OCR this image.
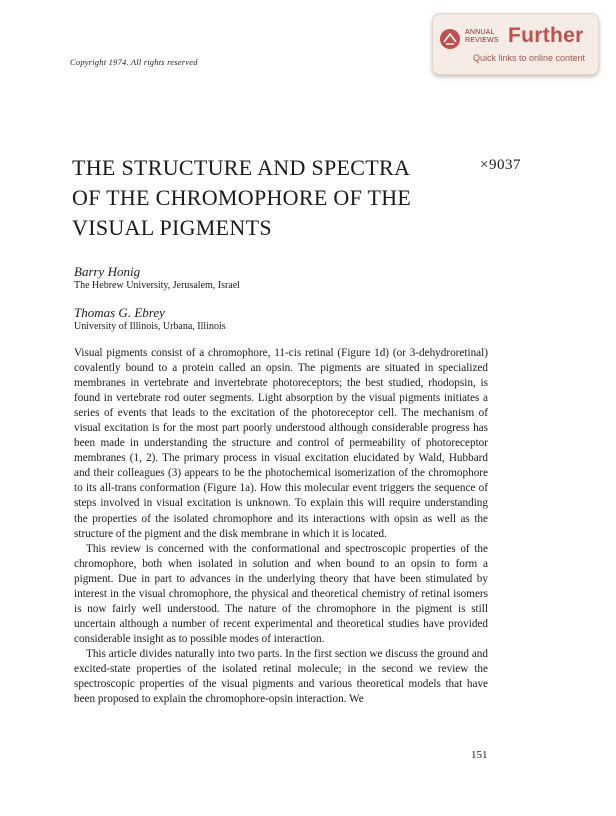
Copyright 1974. All rights reserved
ANNUAL
REVIEWS Further
Quick links to online content
THE STRUCTURE AND SPECTRA
OF THE CHROMOPHORE OF THE
VISUAL PIGMENTS
×9037
Barry Honig
The Hebrew University, Jerusalem, Israel
Thomas G. Ebrey
University of Illinois, Urbana, Illinois

Visual pigments consist of a chromophore, 11-cis retinal (Figure 1d) (or 3-dehydroretinal) covalently bound to a protein called an opsin. The pigments are situated in specialized membranes in vertebrate and invertebrate photoreceptors; the best studied, rhodopsin, is found in vertebrate rod outer segments. Light absorption by the visual pigments initiates a series of events that leads to the excitation of the photoreceptor cell. The mechanism of visual excitation is for the most part poorly understood although considerable progress has been made in understanding the structure and control of permeability of photoreceptor membranes (1, 2). The primary process in visual excitation elucidated by Wald, Hubbard and their colleagues (3) appears to be the photochemical isomerization of the chromophore to its all-trans conformation (Figure 1a). How this molecular event triggers the sequence of steps involved in visual excitation is unknown. To explain this will require understanding the properties of the isolated chromophore and its interactions with opsin as well as the structure of the pigment and the disk membrane in which it is located.

This review is concerned with the conformational and spectroscopic properties of the chromophore, both when isolated in solution and when bound to an opsin to form a pigment. Due in part to advances in the underlying theory that have been stimulated by interest in the visual chromophore, the physical and theoretical chemistry of retinal isomers is now fairly well understood. The nature of the chromophore in the pigment is still uncertain although a number of recent experimental and theoretical studies have provided considerable insight as to possible modes of interaction.

This article divides naturally into two parts. In the first section we discuss the ground and excited-state properties of the isolated retinal molecule; in the second we review the spectroscopic properties of the visual pigments and various theoretical models that have been proposed to explain the chromophore-opsin interaction. We

151
